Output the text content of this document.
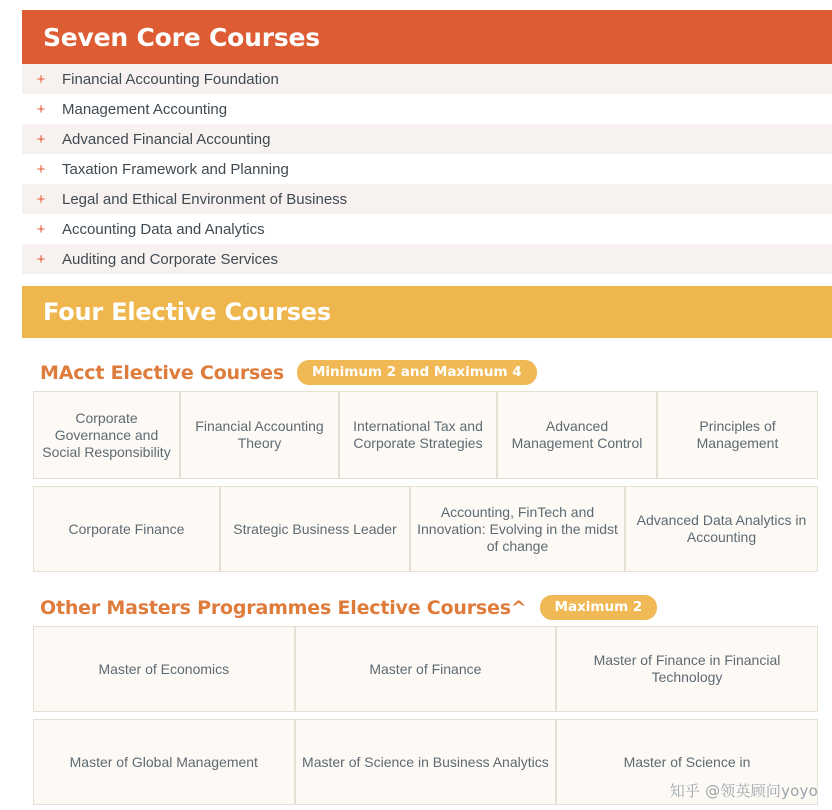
Seven Core Courses
+	Financial Accounting Foundation
+	Management Accounting
+	Advanced Financial Accounting
+	Taxation Framework and Planning
+	Legal and Ethical Environment of Business
+	Accounting Data and Analytics
+	Auditing and Corporate Services
Four Elective Courses
MAcct Elective Courses	Minimum 2 and Maximum 4
Corporate Governance and Social Responsibility
Financial Accounting Theory
International Tax and Corporate Strategies
Advanced Management Control
Principles of Management
Corporate Finance	Strategic Business Leader
Accounting, FinTech and Innovation: Evolving in the midst of change
Advanced Data Analytics in Accounting
Other Masters Programmes Elective Courses^	Maximum 2
Master of Economics	Master of Finance
Master of Finance in Financial Technology
Master of Global Management	Master of Science in Business Analytics	Master of Science in
知乎 @领英顾问yoyo
